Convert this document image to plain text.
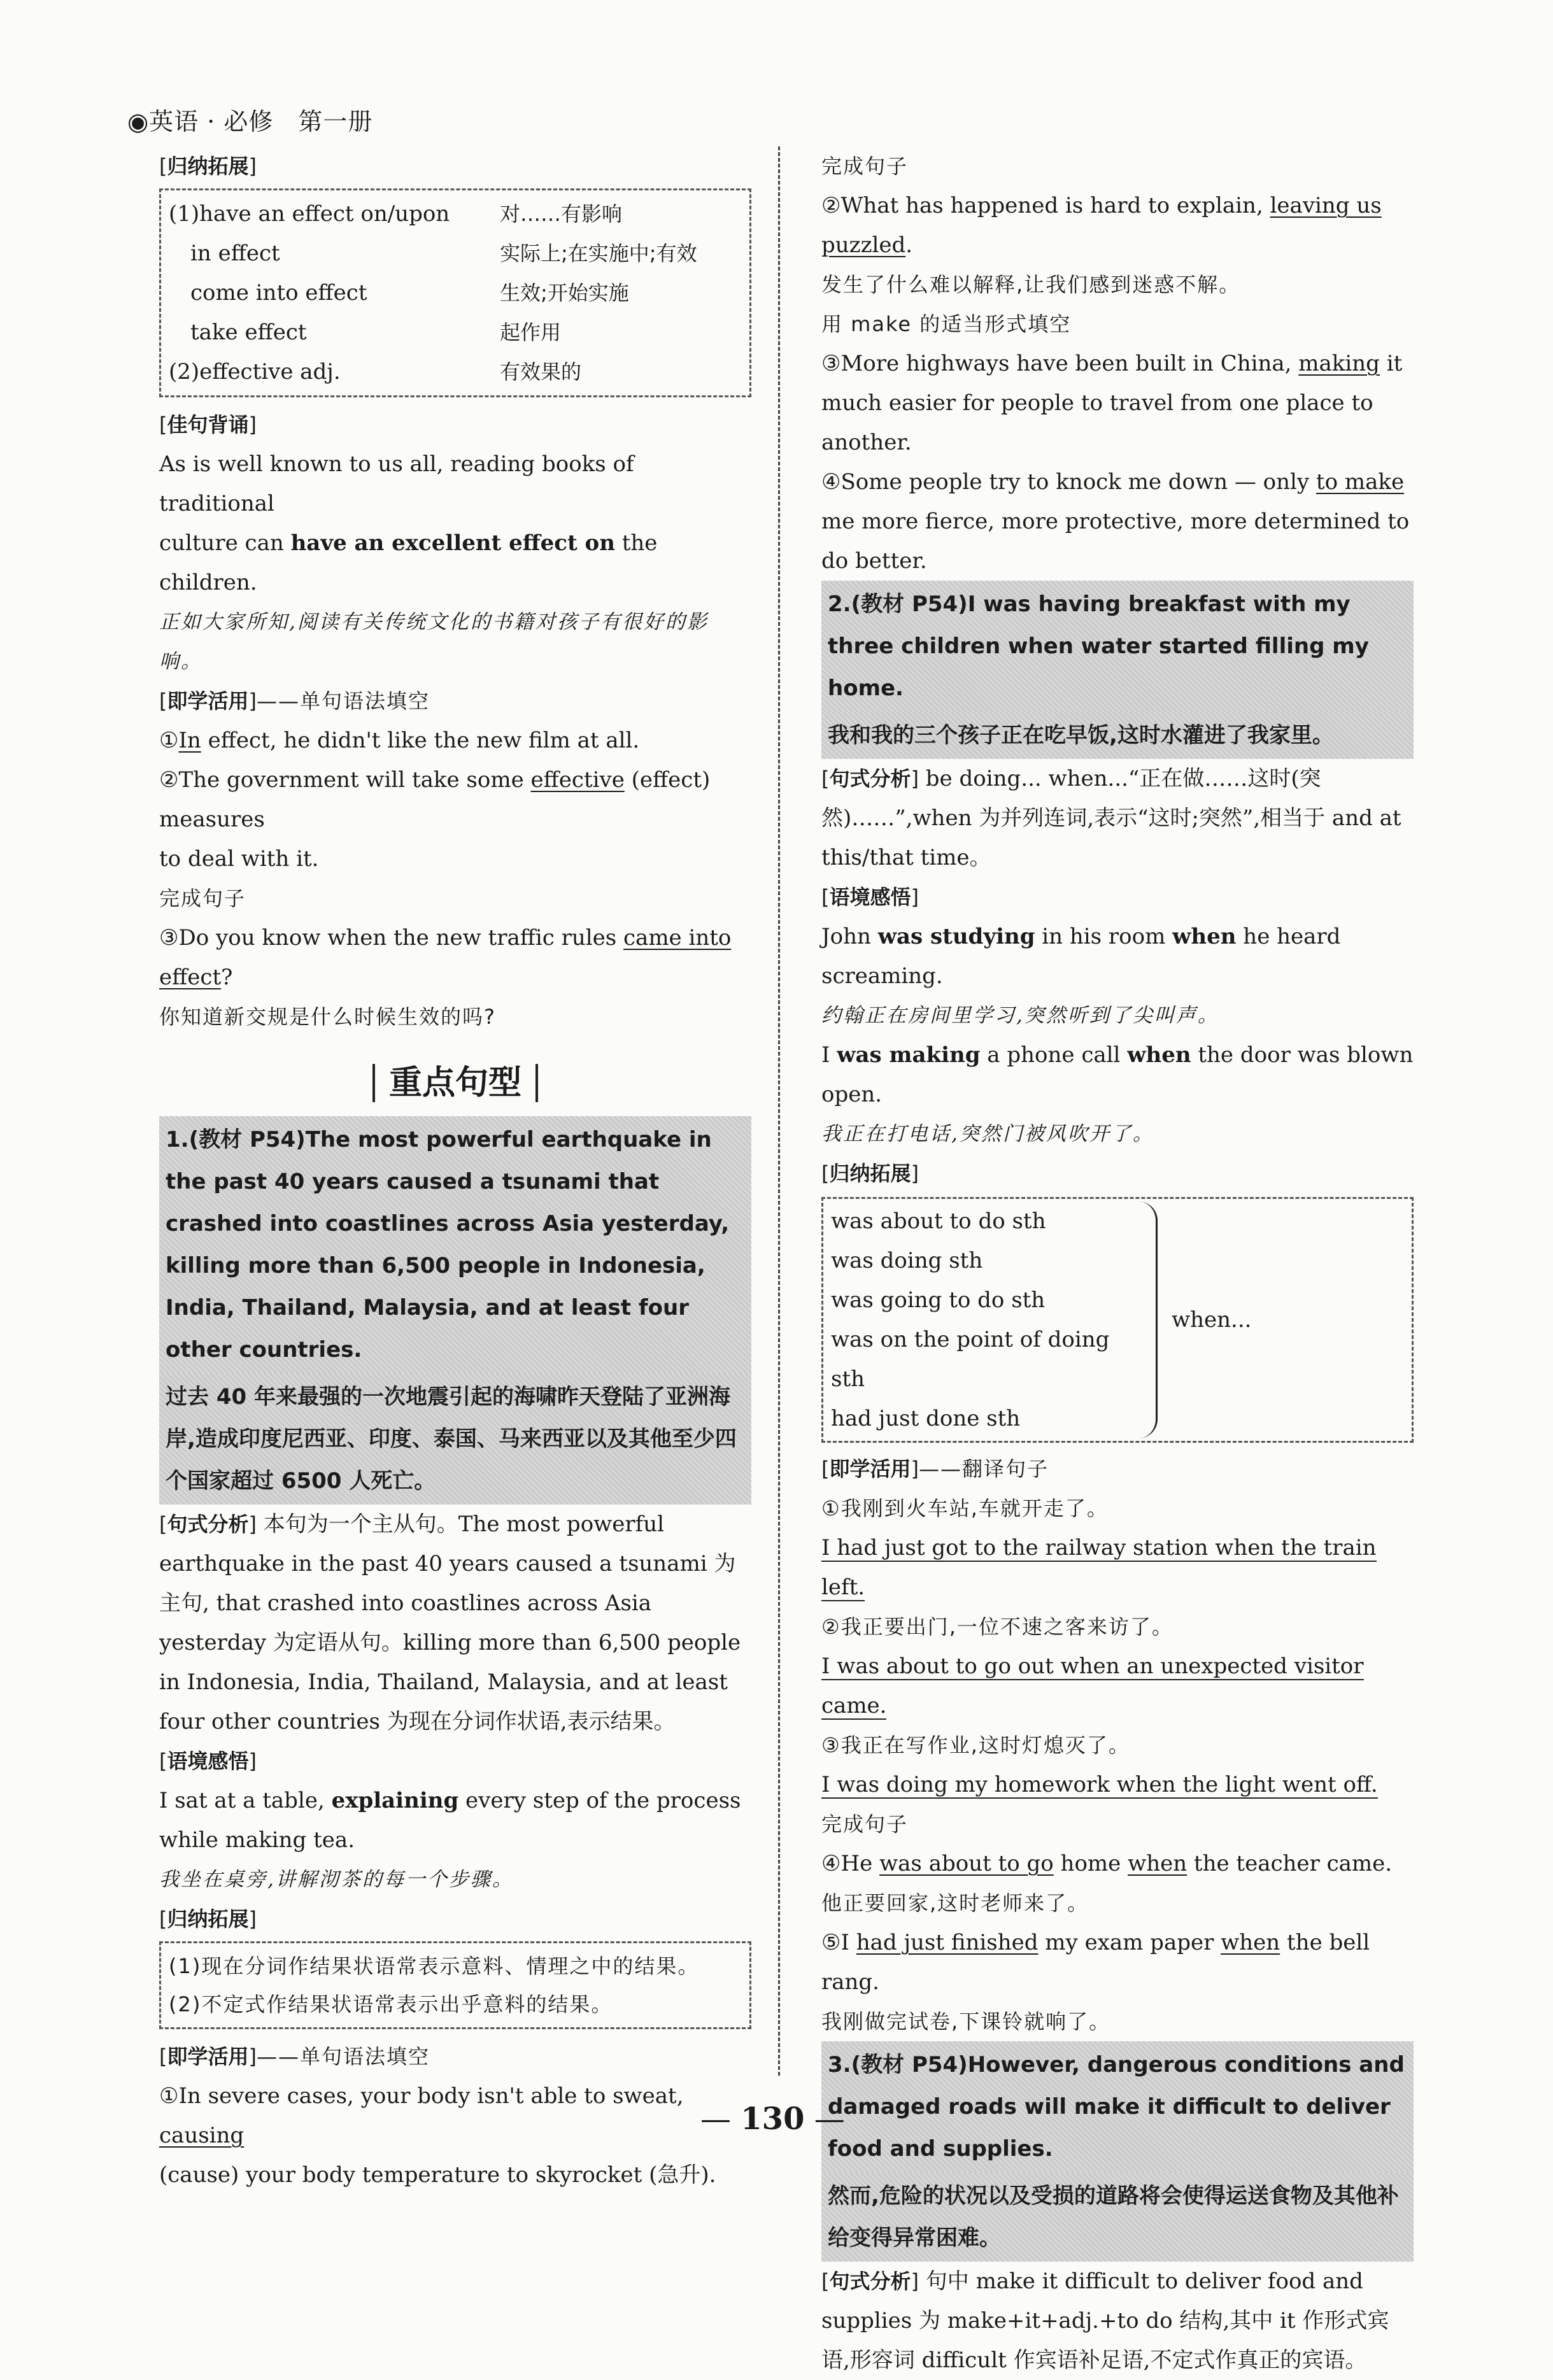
◉英语 · 必修　第一册
[ 归纳拓展 ]
(1)have an effect on/upon	对……有影响
　in effect	实际上;在实施中;有效
　come into effect	生效;开始实施
　take effect	起作用
(2)effective adj.	有效果的
[ 佳句背诵 ]
As is well known to us all, reading books of traditional
culture can have an excellent effect on the children.
正如大家所知,阅读有关传统文化的书籍对孩子有很好的影
响。
[ 即学活用 ] ——单句语法填空
①In effect, he didn't like the new film at all.
②The government will take some effective (effect) measures
to deal with it.
完成句子
③Do you know when the new traffic rules came into
effect?
你知道新交规是什么时候生效的吗?
重点句型
1.(教材 P54)The most powerful earthquake in the past 40 years caused a tsunami that crashed into coastlines across Asia yesterday, killing more than 6,500 people in Indonesia, India, Thailand, Malaysia, and at least four other countries.
过去 40 年来最强的一次地震引起的海啸昨天登陆了亚洲海岸,造成印度尼西亚、印度、泰国、马来西亚以及其他至少四个国家超过 6500 人死亡。
[ 句式分析 ] 本句为一个主从句。The most powerful earthquake in the past 40 years caused a tsunami 为主句, that crashed into coastlines across Asia yesterday 为定语从句。killing more than 6,500 people in Indonesia, India, Thailand, Malaysia, and at least four other countries 为现在分词作状语,表示结果。
[ 语境感悟 ]
I sat at a table, explaining every step of the process while making tea.
我坐在桌旁,讲解沏茶的每一个步骤。
[ 归纳拓展 ]
(1)现在分词作结果状语常表示意料、情理之中的结果。
(2)不定式作结果状语常表示出乎意料的结果。
[ 即学活用 ] ——单句语法填空
①In severe cases, your body isn't able to sweat, causing
(cause) your body temperature to skyrocket (急升).
完成句子
②What has happened is hard to explain, leaving us puzzled.
发生了什么难以解释,让我们感到迷惑不解。
用 make 的适当形式填空
③More highways have been built in China, making it much easier for people to travel from one place to another.
④Some people try to knock me down — only to make me more fierce, more protective, more determined to do better.
2.(教材 P54)I was having breakfast with my three children when water started filling my home.
我和我的三个孩子正在吃早饭,这时水灌进了我家里。
[ 句式分析 ] be doing... when...“正在做……这时(突然)……”,when 为并列连词,表示“这时;突然”,相当于 and at this/that time。
[ 语境感悟 ]
John was studying in his room when he heard screaming.
约翰正在房间里学习,突然听到了尖叫声。
I was making a phone call when the door was blown open.
我正在打电话,突然门被风吹开了。
[ 归纳拓展 ]
was about to do sth
was doing sth
was going to do sth
was on the point of doing sth
had just done sth
when...
[ 即学活用 ] ——翻译句子
①我刚到火车站,车就开走了。
I had just got to the railway station when the train left.
②我正要出门,一位不速之客来访了。
I was about to go out when an unexpected visitor came.
③我正在写作业,这时灯熄灭了。
I was doing my homework when the light went off.
完成句子
④He was about to go home when the teacher came.
他正要回家,这时老师来了。
⑤I had just finished my exam paper when the bell rang.
我刚做完试卷,下课铃就响了。
3.(教材 P54)However, dangerous conditions and damaged roads will make it difficult to deliver food and supplies.
然而,危险的状况以及受损的道路将会使得运送食物及其他补给变得异常困难。
[ 句式分析 ] 句中 make it difficult to deliver food and supplies 为 make+it+adj.+to do 结构,其中 it 作形式宾语,形容词 difficult 作宾语补足语,不定式作真正的宾语。
— 130 —
